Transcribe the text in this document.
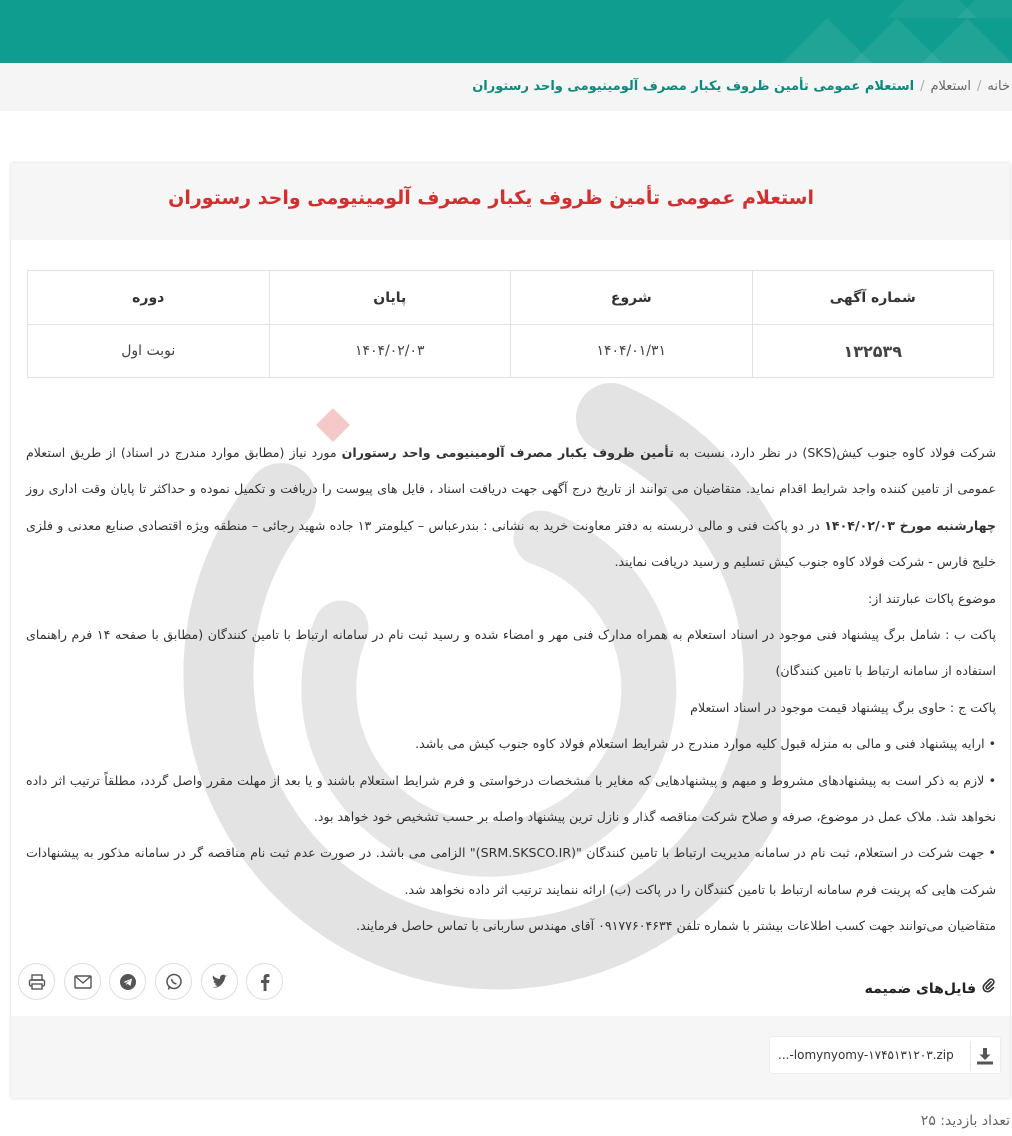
خانه/استعلام/استعلام عمومی تأمین ظروف یکبار مصرف آلومینیومی واحد رستوران
استعلام عمومی تأمین ظروف یکبار مصرف آلومینیومی واحد رستوران
شماره آگهی	شروع	پایان	دوره
۱۳۲۵۳۹	۱۴۰۴/۰۱/۳۱	۱۴۰۴/۰۲/۰۳	نوبت اول

شرکت فولاد کاوه جنوب کیش(SKS) در نظر دارد، نسبت به تأمین ظروف یکبار مصرف آلومینیومی واحد رستوران مورد نیاز (مطابق موارد مندرج در اسناد) از طریق استعلام عمومی از تامین کننده واجد شرایط اقدام نماید. متقاضیان می توانند از تاریخ درج آگهی جهت دریافت اسناد ، فایل های پیوست را دریافت و تکمیل نموده و حداکثر تا پایان وقت اداری روز چهارشنبه مورخ ۱۴۰۴/۰۲/۰۳ در دو پاکت فنی و مالی دربسته به دفتر معاونت خرید به نشانی : بندرعباس – کیلومتر ۱۳ جاده شهید رجائی – منطقه ویژه اقتصادی صنایع معدنی و فلزی خلیج فارس - شرکت فولاد کاوه جنوب کیش تسلیم و رسید دریافت نمایند.

موضوع پاکات عبارتند از:

پاکت ب : شامل برگ پیشنهاد فنی موجود در اسناد استعلام به همراه مدارک فنی مهر و امضاء شده و رسید ثبت نام در سامانه ارتباط با تامین کنندگان (مطابق با صفحه ۱۴ فرم راهنمای استفاده از سامانه ارتباط با تامین کنندگان)

پاکت ج : حاوی برگ پیشنهاد قیمت موجود در اسناد استعلام

• ارایه پیشنهاد فنی و مالی به منزله قبول کلیه موارد مندرج در شرایط استعلام فولاد کاوه جنوب کیش می باشد.

• لازم به ذکر است به پیشنهادهای مشروط و مبهم و پیشنهادهایی که مغایر با مشخصات درخواستی و فرم شرایط استعلام باشند و یا بعد از مهلت مقرر واصل گردد، مطلقاً ترتیب اثر داده نخواهد شد. ملاک عمل در موضوع، صرفه و صلاح شرکت مناقصه گذار و نازل ترین پیشنهاد واصله بر حسب تشخیص خود خواهد بود.

• جهت شرکت در استعلام، ثبت نام در سامانه مدیریت ارتباط با تامین کنندگان "(SRM.SKSCO.IR)" الزامی می باشد. در صورت عدم ثبت نام مناقصه گر در سامانه مذکور به پیشنهادات شرکت هایی که پرینت فرم سامانه ارتباط با تامین کنندگان را در پاکت (ب) ارائه ننمایند ترتیب اثر داده نخواهد شد.

متقاضیان می‌توانند جهت کسب اطلاعات بیشتر با شماره تلفن ۰۹۱۷۷۶۰۴۶۳۴ آقای مهندس ساربانی با تماس حاصل فرمایند.

فایل‌های ضمیمه
...-lomynyomy-۱۷۴۵۱۳۱۲۰۳.zip
تعداد بازدید: ۲۵
